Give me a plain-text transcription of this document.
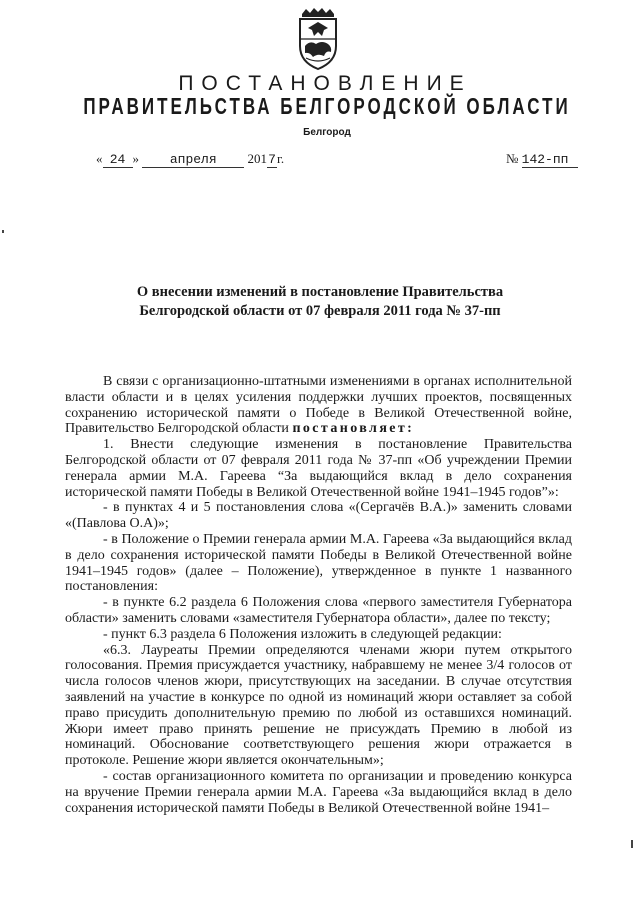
ПОСТАНОВЛЕНИЕ
ПРАВИТЕЛЬСТВА БЕЛГОРОДСКОЙ ОБЛАСТИ
Белгород
« 24 » апреля 2017г.	№ 142-пп
О внесении изменений в постановление Правительства
Белгородской области от 07 февраля 2011 года № 37-пп

В связи с организационно-штатными изменениями в органах исполнительной власти области и в целях усиления поддержки лучших проектов, посвященных сохранению исторической памяти о Победе в Великой Отечественной войне, Правительство Белгородской области постановляет:

1. Внести следующие изменения в постановление Правительства Белгородской области от 07 февраля 2011 года № 37-пп «Об учреждении Премии генерала армии М.А. Гареева “За выдающийся вклад в дело сохранения исторической памяти Победы в Великой Отечественной войне 1941–1945 годов”»:

- в пунктах 4 и 5 постановления слова «(Сергачёв В.А.)» заменить словами «(Павлова О.А)»;

- в Положение о Премии генерала армии М.А. Гареева «За выдающийся вклад в дело сохранения исторической памяти Победы в Великой Отечественной войне 1941–1945 годов» (далее – Положение), утвержденное в пункте 1 названного постановления:

- в пункте 6.2 раздела 6 Положения слова «первого заместителя Губернатора области» заменить словами «заместителя Губернатора области», далее по тексту;

- пункт 6.3 раздела 6 Положения изложить в следующей редакции:

«6.3. Лауреаты Премии определяются членами жюри путем открытого голосования. Премия присуждается участнику, набравшему не менее 3/4 голосов от числа голосов членов жюри, присутствующих на заседании. В случае отсутствия заявлений на участие в конкурсе по одной из номинаций жюри оставляет за собой право присудить дополнительную премию по любой из оставшихся номинаций. Жюри имеет право принять решение не присуждать Премию в любой из номинаций. Обоснование соответствующего решения жюри отражается в протоколе. Решение жюри является окончательным»;

- состав организационного комитета по организации и проведению конкурса на вручение Премии генерала армии М.А. Гареева «За выдающийся вклад в дело сохранения исторической памяти Победы в Великой Отечественной войне 1941–
